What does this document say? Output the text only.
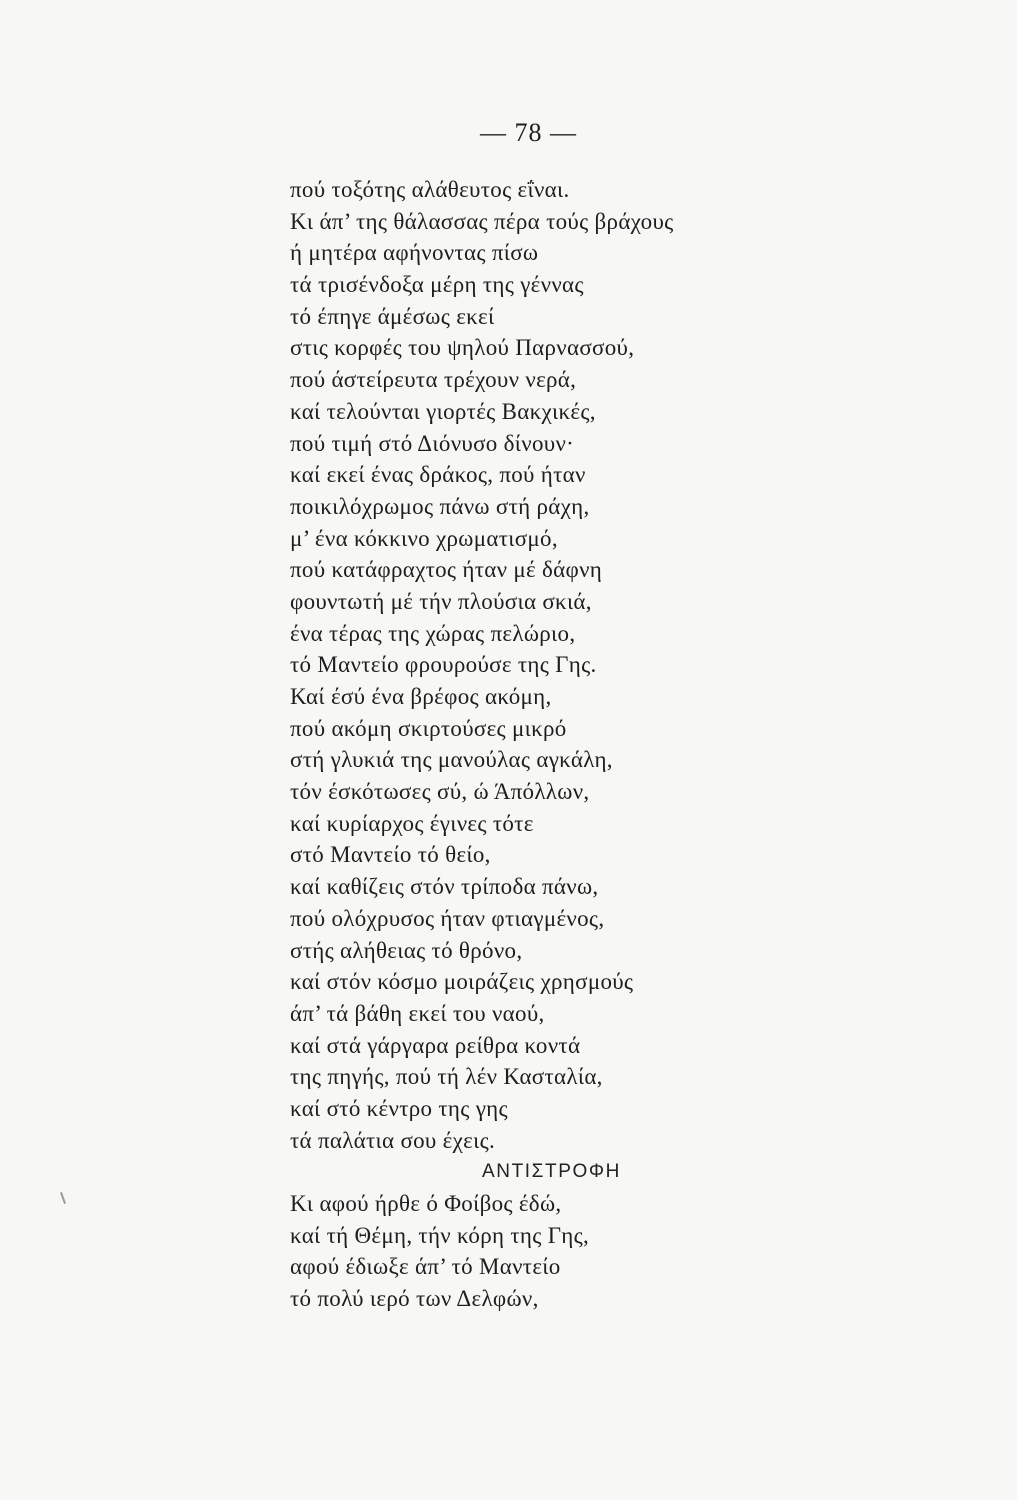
— 78 —
πού τοξότης αλάθευτος εΐναι.
Κι άπ’ της θάλασσας πέρα τούς βράχους
ή μητέρα αφήνοντας πίσω
τά τρισένδοξα μέρη της γέννας
τό έπηγε άμέσως εκεί
στις κορφές του ψηλού Παρνασσού,
πού άστείρευτα τρέχουν νερά,
καί τελούνται γιορτές Βακχικές,
πού τιμή στό Διόνυσο δίνουν·
καί εκεί ένας δράκος, πού ήταν
ποικιλόχρωμος πάνω στή ράχη,
μ’ ένα κόκκινο χρωματισμό,
πού κατάφραχτος ήταν μέ δάφνη
φουντωτή μέ τήν πλούσια σκιά,
ένα τέρας της χώρας πελώριο,
τό Μαντείο φρουρούσε της Γης.
Καί έσύ ένα βρέφος ακόμη,
πού ακόμη σκιρτούσες μικρό
στή γλυκιά της μανούλας αγκάλη,
τόν έσκότωσες σύ, ώ Άπόλλων,
καί κυρίαρχος έγινες τότε
στό Μαντείο τό θείο,
καί καθίζεις στόν τρίποδα πάνω,
πού ολόχρυσος ήταν φτιαγμένος,
στής αλήθειας τό θρόνο,
καί στόν κόσμο μοιράζεις χρησμούς
άπ’ τά βάθη εκεί του ναού,
καί στά γάργαρα ρείθρα κοντά
της πηγής, πού τή λέν Κασταλία,
καί στό κέντρο της γης
τά παλάτια σου έχεις.
ΑΝΤΙΣΤΡΟΦΗ
Κι αφού ήρθε ό Φοίβος έδώ,
καί τή Θέμη, τήν κόρη της Γης,
αφού έδιωξε άπ’ τό Μαντείο
τό πολύ ιερό των Δελφών,
